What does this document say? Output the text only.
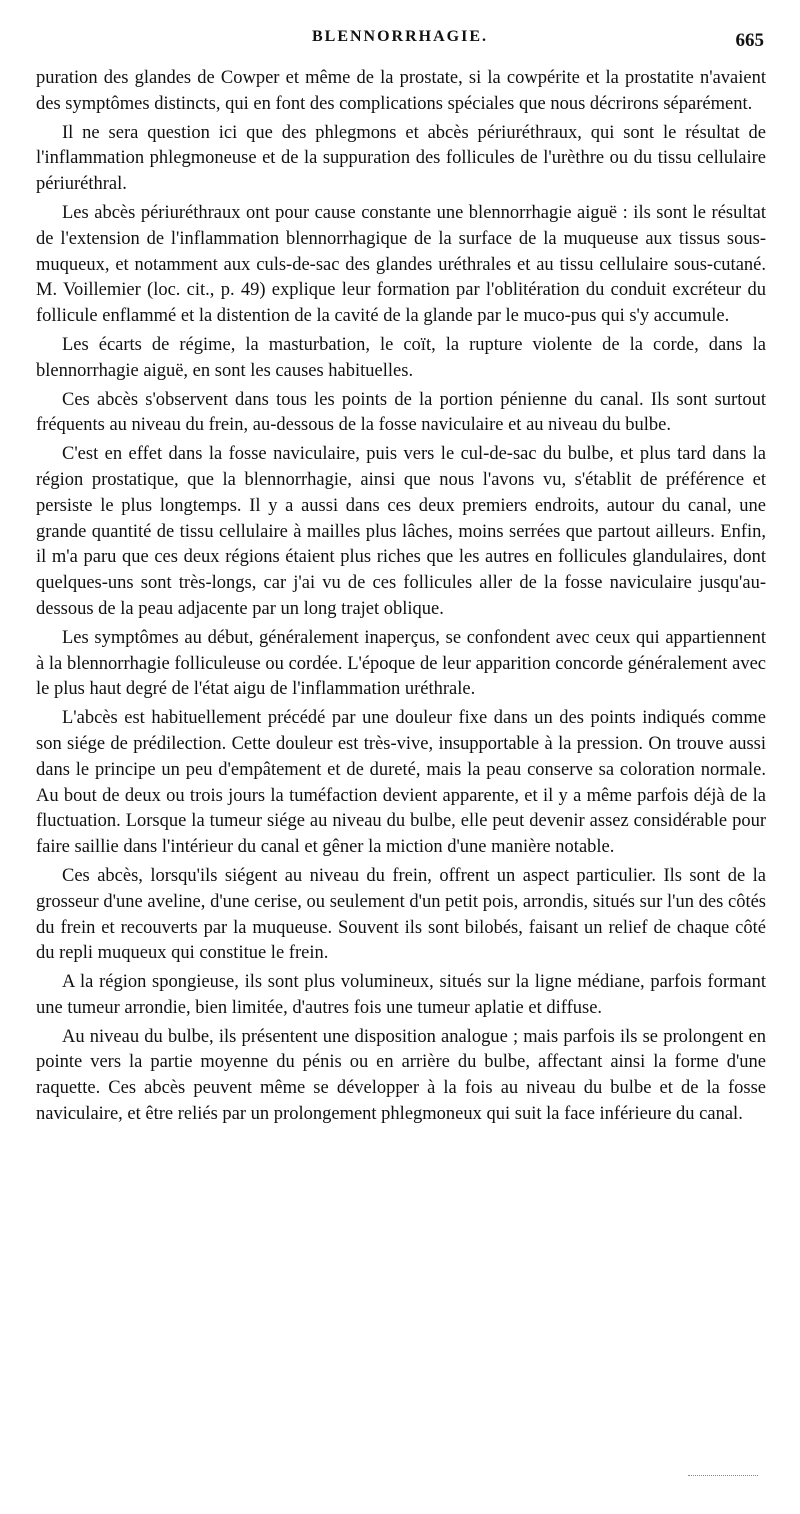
BLENNORRHAGIE.	665

puration des glandes de Cowper et même de la prostate, si la cowpérite et la prostatite n'avaient des symptômes distincts, qui en font des complications spéciales que nous décrirons séparément.

Il ne sera question ici que des phlegmons et abcès périuréthraux, qui sont le résultat de l'inflammation phlegmoneuse et de la suppuration des follicules de l'urèthre ou du tissu cellulaire périuréthral.

Les abcès périuréthraux ont pour cause constante une blennorrhagie aiguë : ils sont le résultat de l'extension de l'inflammation blennorrhagique de la surface de la muqueuse aux tissus sous-muqueux, et notamment aux culs-de-sac des glandes uréthrales et au tissu cellulaire sous-cutané. M. Voillemier (loc. cit., p. 49) explique leur formation par l'oblitération du conduit excréteur du follicule enflammé et la distention de la cavité de la glande par le muco-pus qui s'y accumule.

Les écarts de régime, la masturbation, le coït, la rupture violente de la corde, dans la blennorrhagie aiguë, en sont les causes habituelles.

Ces abcès s'observent dans tous les points de la portion pénienne du canal. Ils sont surtout fréquents au niveau du frein, au-dessous de la fosse naviculaire et au niveau du bulbe.

C'est en effet dans la fosse naviculaire, puis vers le cul-de-sac du bulbe, et plus tard dans la région prostatique, que la blennorrhagie, ainsi que nous l'avons vu, s'établit de préférence et persiste le plus longtemps. Il y a aussi dans ces deux premiers endroits, autour du canal, une grande quantité de tissu cellulaire à mailles plus lâches, moins serrées que partout ailleurs. Enfin, il m'a paru que ces deux régions étaient plus riches que les autres en follicules glandulaires, dont quelques-uns sont très-longs, car j'ai vu de ces follicules aller de la fosse naviculaire jusqu'au-dessous de la peau adjacente par un long trajet oblique.

Les symptômes au début, généralement inaperçus, se confondent avec ceux qui appartiennent à la blennorrhagie folliculeuse ou cordée. L'époque de leur apparition concorde généralement avec le plus haut degré de l'état aigu de l'inflammation uréthrale.

L'abcès est habituellement précédé par une douleur fixe dans un des points indiqués comme son siége de prédilection. Cette douleur est très-vive, insupportable à la pression. On trouve aussi dans le principe un peu d'empâtement et de dureté, mais la peau conserve sa coloration normale. Au bout de deux ou trois jours la tuméfaction devient apparente, et il y a même parfois déjà de la fluctuation. Lorsque la tumeur siége au niveau du bulbe, elle peut devenir assez considérable pour faire saillie dans l'intérieur du canal et gêner la miction d'une manière notable.

Ces abcès, lorsqu'ils siégent au niveau du frein, offrent un aspect particulier. Ils sont de la grosseur d'une aveline, d'une cerise, ou seulement d'un petit pois, arrondis, situés sur l'un des côtés du frein et recouverts par la muqueuse. Souvent ils sont bilobés, faisant un relief de chaque côté du repli muqueux qui constitue le frein.

A la région spongieuse, ils sont plus volumineux, situés sur la ligne médiane, parfois formant une tumeur arrondie, bien limitée, d'autres fois une tumeur aplatie et diffuse.

Au niveau du bulbe, ils présentent une disposition analogue ; mais parfois ils se prolongent en pointe vers la partie moyenne du pénis ou en arrière du bulbe, affectant ainsi la forme d'une raquette. Ces abcès peuvent même se développer à la fois au niveau du bulbe et de la fosse naviculaire, et être reliés par un prolongement phlegmoneux qui suit la face inférieure du canal.
